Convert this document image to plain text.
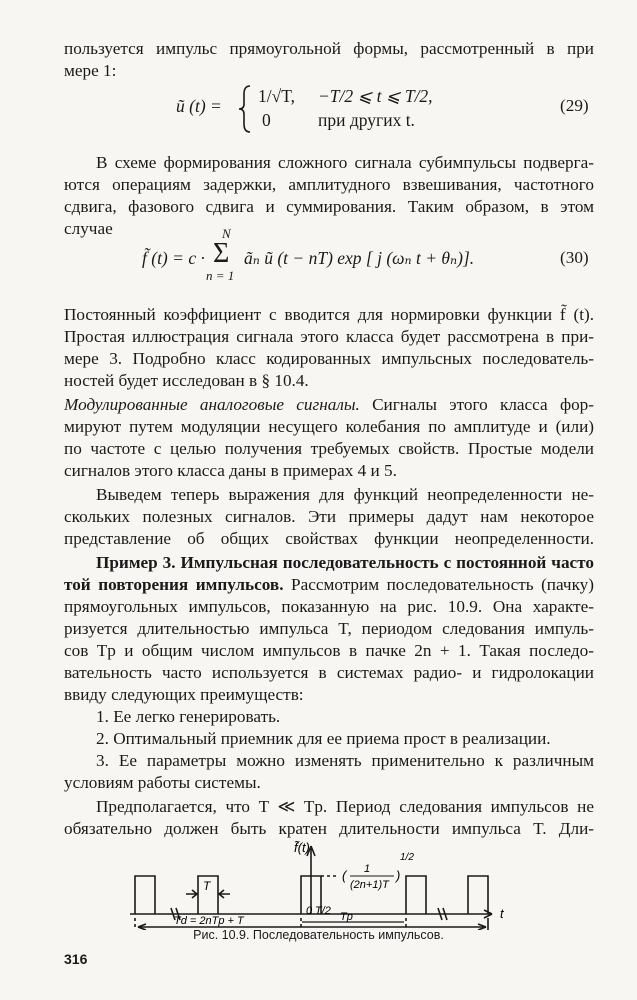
пользуется импульс прямоугольной формы, рассмотренный в при
мере 1:
ũ (t) = 1/√T, −T/2 ⩽ t ⩽ T/2,
0	при других t.
(29)
В схеме формирования сложного сигнала субимпульсы подверга-
ются операциям задержки, амплитудного взвешивания, частотного
сдвига, фазового сдвига и суммирования. Таким образом, в этом
случае
f̃ (t) = c ·
N
Σ
n = 1
ãₙ ũ (t − nT) exp [ j (ωₙ t + θₙ)].	(30)
Постоянный коэффициент c вводится для нормировки функции f̃ (t).
Простая иллюстрация сигнала этого класса будет рассмотрена в при-
мере 3. Подробно класс кодированных импульсных последователь-
ностей будет исследован в § 10.4.
Модулированные аналоговые сигналы. Сигналы этого класса фор-
мируют путем модуляции несущего колебания по амплитуде и (или)
по частоте с целью получения требуемых свойств. Простые модели
сигналов этого класса даны в примерах 4 и 5.
Выведем теперь выражения для функций неопределенности не-
скольких полезных сигналов. Эти примеры дадут нам некоторое
представление об общих свойствах функции неопределенности.
Пример 3. Импульсная последовательность с постоянной часто
той повторения импульсов. Рассмотрим последовательность (пачку)
прямоугольных импульсов, показанную на рис. 10.9. Она характе-
ризуется длительностью импульса T, периодом следования импуль-
сов Tp и общим числом импульсов в пачке 2n + 1. Такая последо-
вательность часто используется в системах радио- и гидролокации
ввиду следующих преимуществ:
1. Ее легко генерировать.
2. Оптимальный приемник для ее приема прост в реализации.
3. Ее параметры можно изменять применительно к различным
условиям работы системы.
Предполагается, что T ≪ Tp. Период следования импульсов не
обязательно должен быть кратен длительности импульса T. Дли-
f̃(t)
( 1
(2n+1)T
)
1/2
T
0 T/2 Tp
Td = 2nTp + T	t
Рис. 10.9. Последовательность импульсов.
316
